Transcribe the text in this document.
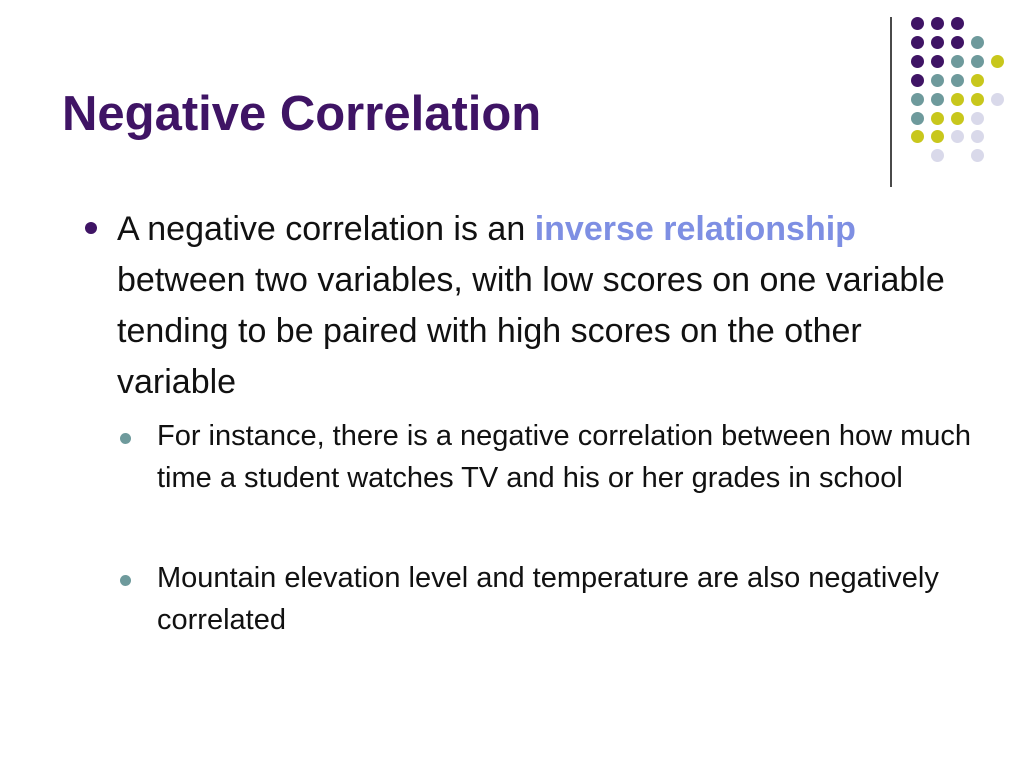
Negative Correlation

A negative correlation is an inverse relationship between two variables, with low scores on one variable tending to be paired with high scores on the other variable

For instance, there is a negative correlation between how much time a student watches TV and his or her grades in school

Mountain elevation level and temperature are also negatively correlated
